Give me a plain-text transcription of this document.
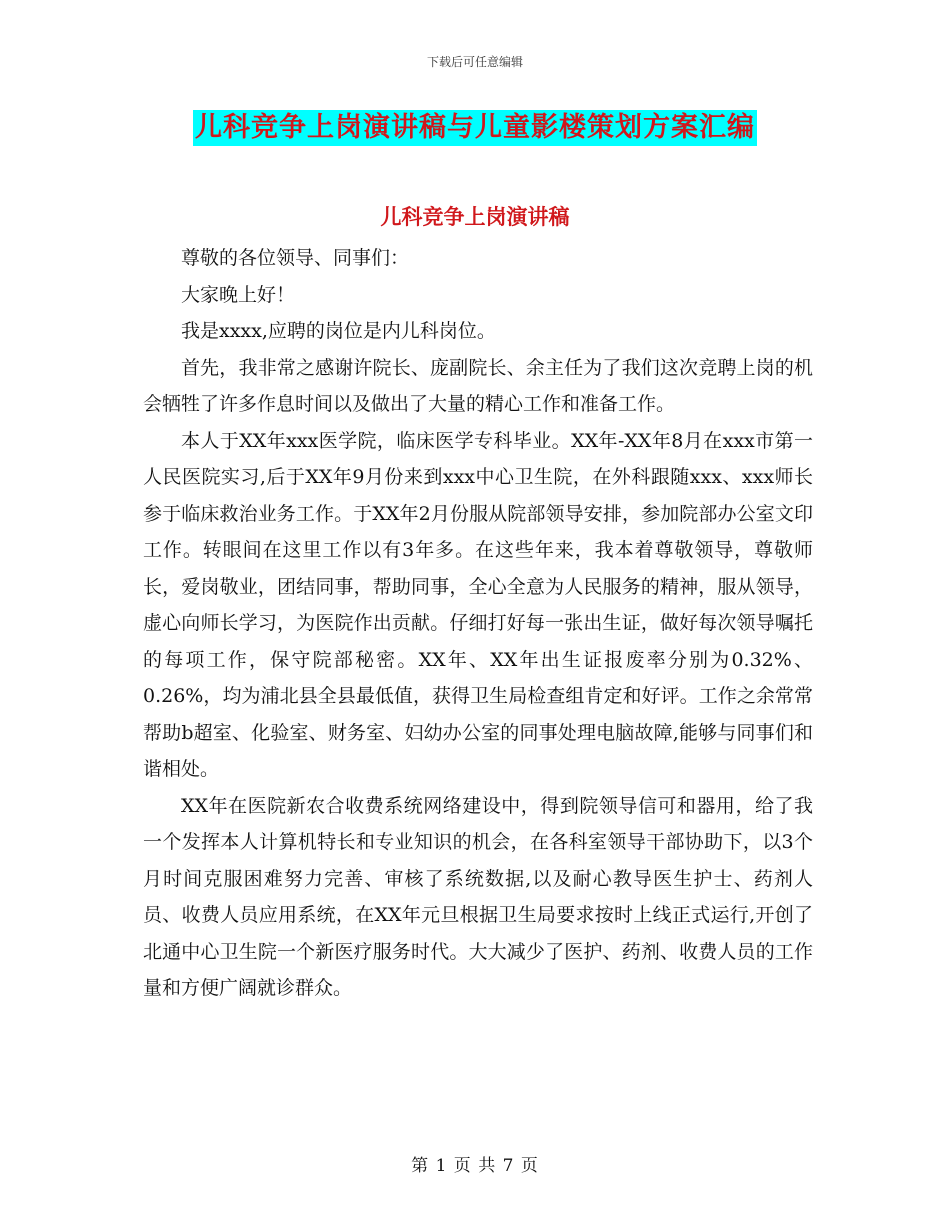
下载后可任意编辑
儿科竞争上岗演讲稿与儿童影楼策划方案汇编
儿科竞争上岗演讲稿

尊敬的各位领导、同事们：

大家晚上好！

我是xxxx,应聘的岗位是内儿科岗位。

首先，我非常之感谢许院长、庞副院长、余主任为了我们这次竞聘上岗的机会牺牲了许多作息时间以及做出了大量的精心工作和准备工作。

本人于XX年xxx医学院，临床医学专科毕业。XX年-XX年8月在xxx市第一人民医院实习,后于XX年9月份来到xxx中心卫生院，在外科跟随xxx、xxx师长参于临床救治业务工作。于XX年2月份服从院部领导安排，参加院部办公室文印工作。转眼间在这里工作以有3年多。在这些年来，我本着尊敬领导，尊敬师长，爱岗敬业，团结同事，帮助同事，全心全意为人民服务的精神，服从领导，虚心向师长学习，为医院作出贡献。仔细打好每一张出生证，做好每次领导嘱托的每项工作，保守院部秘密。XX年、XX年出生证报废率分别为0.32%、0.26%，均为浦北县全县最低值，获得卫生局检查组肯定和好评。工作之余常常帮助b超室、化验室、财务室、妇幼办公室的同事处理电脑故障,能够与同事们和谐相处。

XX年在医院新农合收费系统网络建设中，得到院领导信可和器用，给了我一个发挥本人计算机特长和专业知识的机会，在各科室领导干部协助下，以3个月时间克服困难努力完善、审核了系统数据,以及耐心教导医生护士、药剂人员、收费人员应用系统，在XX年元旦根据卫生局要求按时上线正式运行,开创了北通中心卫生院一个新医疗服务时代。大大减少了医护、药剂、收费人员的工作量和方便广阔就诊群众。

第 1 页 共 7 页
